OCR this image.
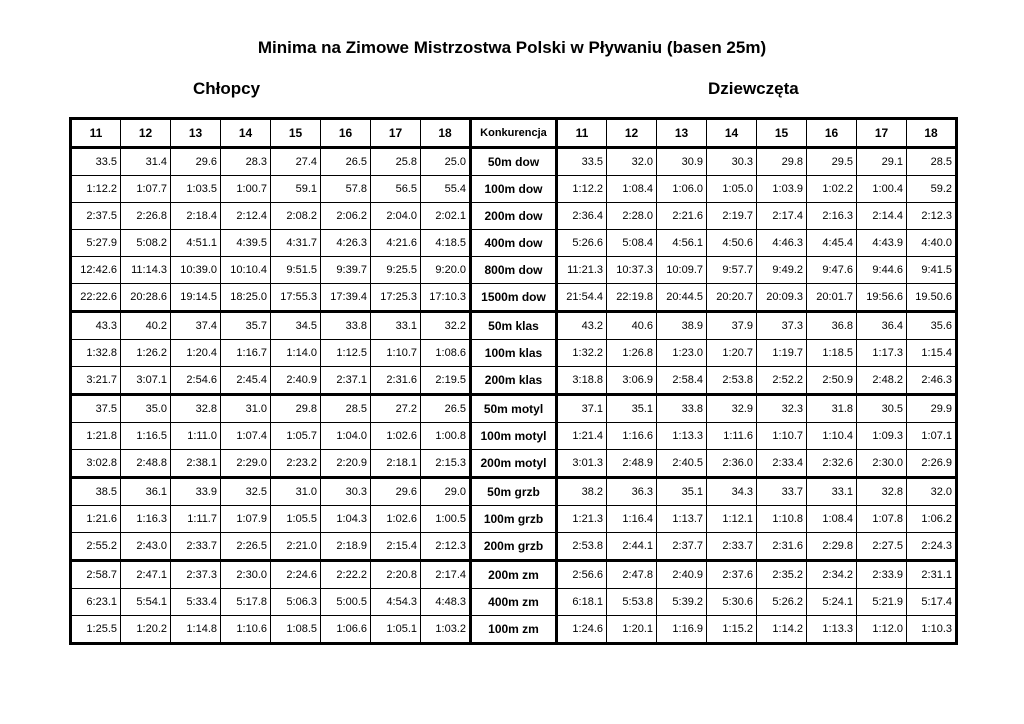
Minima na Zimowe Mistrzostwa Polski w Pływaniu (basen 25m)
Chłopcy	Dziewczęta
11	12	13	14	15	16	17	18	Konkurencja	11	12	13	14	15	16	17	18
33.5	31.4	29.6	28.3	27.4	26.5	25.8	25.0	50m dow	33.5	32.0	30.9	30.3	29.8	29.5	29.1	28.5
1:12.2	1:07.7	1:03.5	1:00.7	59.1	57.8	56.5	55.4	100m dow	1:12.2	1:08.4	1:06.0	1:05.0	1:03.9	1:02.2	1:00.4	59.2
2:37.5	2:26.8	2:18.4	2:12.4	2:08.2	2:06.2	2:04.0	2:02.1	200m dow	2:36.4	2:28.0	2:21.6	2:19.7	2:17.4	2:16.3	2:14.4	2:12.3
5:27.9	5:08.2	4:51.1	4:39.5	4:31.7	4:26.3	4:21.6	4:18.5	400m dow	5:26.6	5:08.4	4:56.1	4:50.6	4:46.3	4:45.4	4:43.9	4:40.0
12:42.6	11:14.3	10:39.0	10:10.4	9:51.5	9:39.7	9:25.5	9:20.0	800m dow	11:21.3	10:37.3	10:09.7	9:57.7	9:49.2	9:47.6	9:44.6	9:41.5
22:22.6	20:28.6	19:14.5	18:25.0	17:55.3	17:39.4	17:25.3	17:10.3	1500m dow	21:54.4	22:19.8	20:44.5	20:20.7	20:09.3	20:01.7	19:56.6	19.50.6
43.3	40.2	37.4	35.7	34.5	33.8	33.1	32.2	50m klas	43.2	40.6	38.9	37.9	37.3	36.8	36.4	35.6
1:32.8	1:26.2	1:20.4	1:16.7	1:14.0	1:12.5	1:10.7	1:08.6	100m klas	1:32.2	1:26.8	1:23.0	1:20.7	1:19.7	1:18.5	1:17.3	1:15.4
3:21.7	3:07.1	2:54.6	2:45.4	2:40.9	2:37.1	2:31.6	2:19.5	200m klas	3:18.8	3:06.9	2:58.4	2:53.8	2:52.2	2:50.9	2:48.2	2:46.3
37.5	35.0	32.8	31.0	29.8	28.5	27.2	26.5	50m motyl	37.1	35.1	33.8	32.9	32.3	31.8	30.5	29.9
1:21.8	1:16.5	1:11.0	1:07.4	1:05.7	1:04.0	1:02.6	1:00.8	100m motyl	1:21.4	1:16.6	1:13.3	1:11.6	1:10.7	1:10.4	1:09.3	1:07.1
3:02.8	2:48.8	2:38.1	2:29.0	2:23.2	2:20.9	2:18.1	2:15.3	200m motyl	3:01.3	2:48.9	2:40.5	2:36.0	2:33.4	2:32.6	2:30.0	2:26.9
38.5	36.1	33.9	32.5	31.0	30.3	29.6	29.0	50m grzb	38.2	36.3	35.1	34.3	33.7	33.1	32.8	32.0
1:21.6	1:16.3	1:11.7	1:07.9	1:05.5	1:04.3	1:02.6	1:00.5	100m grzb	1:21.3	1:16.4	1:13.7	1:12.1	1:10.8	1:08.4	1:07.8	1:06.2
2:55.2	2:43.0	2:33.7	2:26.5	2:21.0	2:18.9	2:15.4	2:12.3	200m grzb	2:53.8	2:44.1	2:37.7	2:33.7	2:31.6	2:29.8	2:27.5	2:24.3
2:58.7	2:47.1	2:37.3	2:30.0	2:24.6	2:22.2	2:20.8	2:17.4	200m zm	2:56.6	2:47.8	2:40.9	2:37.6	2:35.2	2:34.2	2:33.9	2:31.1
6:23.1	5:54.1	5:33.4	5:17.8	5:06.3	5:00.5	4:54.3	4:48.3	400m zm	6:18.1	5:53.8	5:39.2	5:30.6	5:26.2	5:24.1	5:21.9	5:17.4
1:25.5	1:20.2	1:14.8	1:10.6	1:08.5	1:06.6	1:05.1	1:03.2	100m zm	1:24.6	1:20.1	1:16.9	1:15.2	1:14.2	1:13.3	1:12.0	1:10.3
